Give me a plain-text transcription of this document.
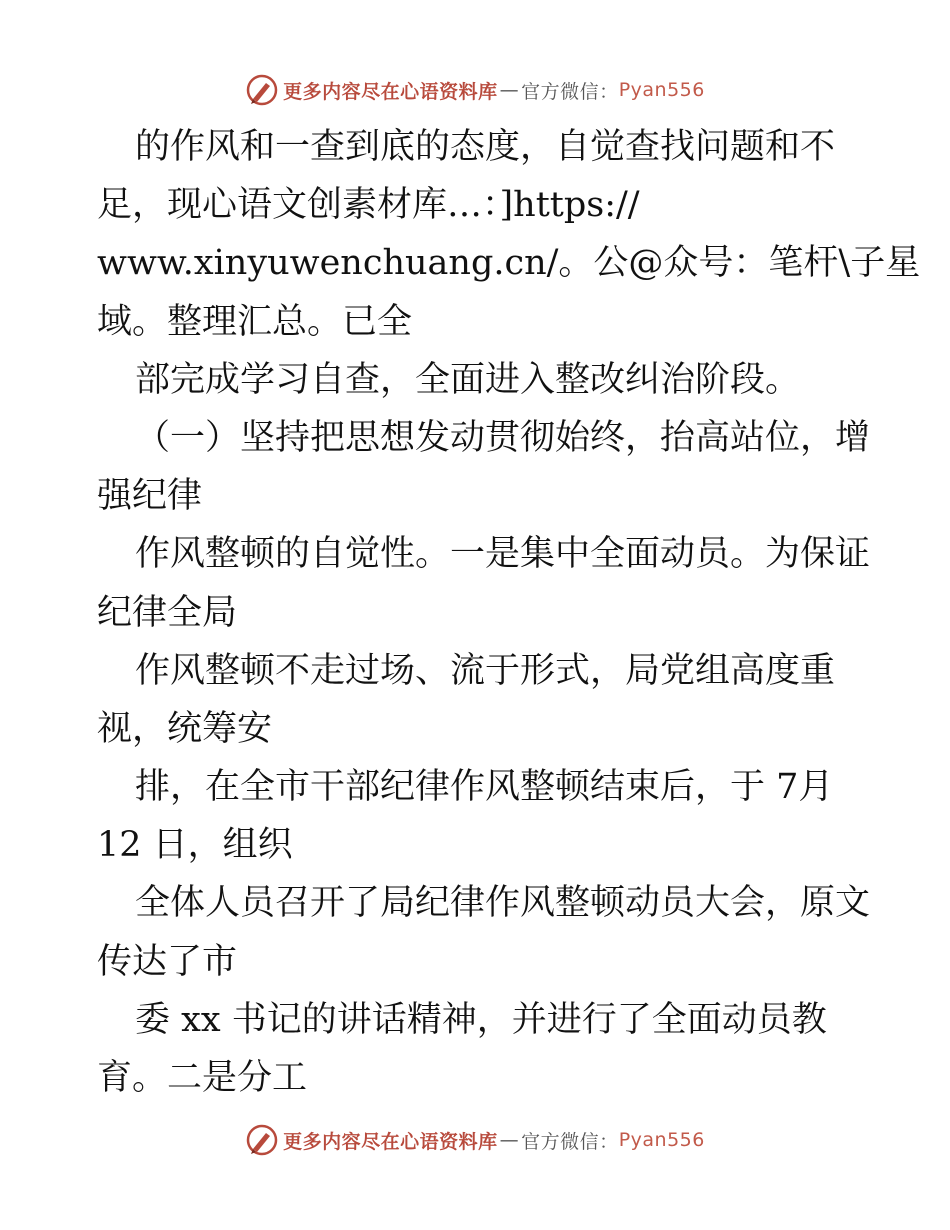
更多内容尽在心语资料库 — 官方微信： Pyan556
的作风和一查到底的态度，自觉查找问题和不
足，现心语文创素材库…：]https://
www.xinyuwenchuang.cn/。公@众号：笔杆\子星
域。整理汇总。已全
部完成学习自查，全面进入整改纠治阶段。
（一）坚持把思想发动贯彻始终，抬高站位，增
强纪律
作风整顿的自觉性。一是集中全面动员。为保证
纪律全局
作风整顿不走过场、流于形式，局党组高度重
视，统筹安
排，在全市干部纪律作风整顿结束后，于 7月
12 日，组织
全体人员召开了局纪律作风整顿动员大会，原文
传达了市
委 xx 书记的讲话精神，并进行了全面动员教
育。二是分工
更多内容尽在心语资料库 — 官方微信： Pyan556
